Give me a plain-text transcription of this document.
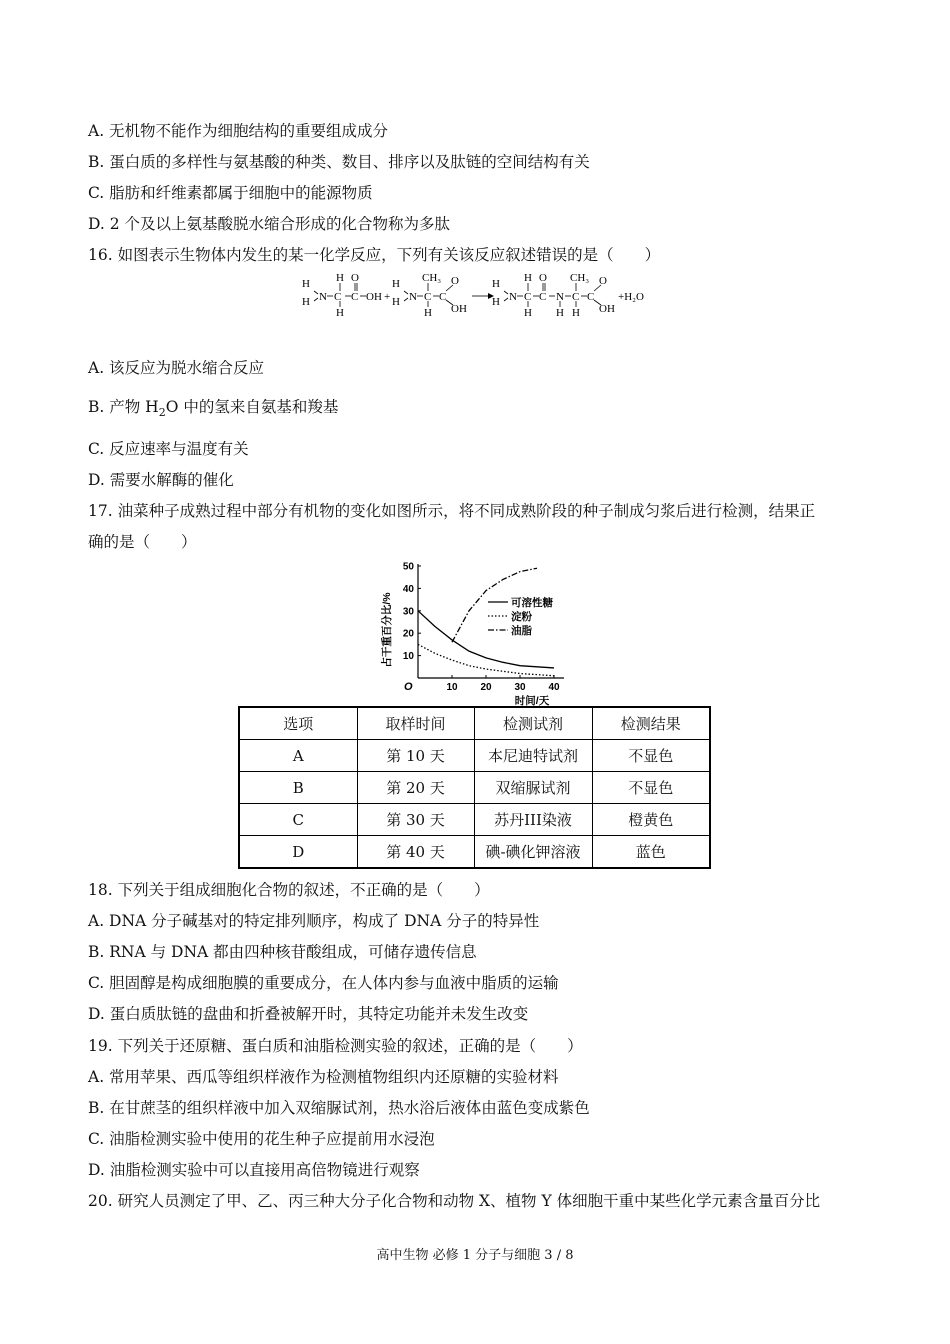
A. 无机物不能作为细胞结构的重要组成成分
B. 蛋白质的多样性与氨基酸的种类、数目、排序以及肽链的空间结构有关
C. 脂肪和纤维素都属于细胞中的能源物质
D. 2 个及以上氨基酸脱水缩合形成的化合物称为多肽
16. 如图表示生物体内发生的某一化学反应，下列有关该反应叙述错误的是（　　）
H
H N
H
C
H
O
C OH +
H
H N
CH₃
C
H
C
O
OH
H
H N
H
C
H
O
C N
H
CH₃
C
H
C
O
OH
+H₂O
A. 该反应为脱水缩合反应
B. 产物 $H_2O$ 中的氢来自氨基和羧基
C. 反应速率与温度有关
D. 需要水解酶的催化
17. 油菜种子成熟过程中部分有机物的变化如图所示，将不同成熟阶段的种子制成匀浆后进行检测，结果正
确的是（　　）
10 20 30 40
10
20
30
40
50
可溶性糖
淀粉
油脂
O
时间/天
占干重百分比/%
选项	取样时间	检测试剂	检测结果
A	第 10 天	本尼迪特试剂	不显色
B	第 20 天	双缩脲试剂	不显色
C	第 30 天	苏丹III染液	橙黄色
D	第 40 天	碘-碘化钾溶液	蓝色
18. 下列关于组成细胞化合物的叙述，不正确的是（　　）
A. DNA 分子碱基对的特定排列顺序，构成了 DNA 分子的特异性
B. RNA 与 DNA 都由四种核苷酸组成，可储存遗传信息
C. 胆固醇是构成细胞膜的重要成分，在人体内参与血液中脂质的运输
D. 蛋白质肽链的盘曲和折叠被解开时，其特定功能并未发生改变
19. 下列关于还原糖、蛋白质和油脂检测实验的叙述，正确的是（　　）
A. 常用苹果、西瓜等组织样液作为检测植物组织内还原糖的实验材料
B. 在甘蔗茎的组织样液中加入双缩脲试剂，热水浴后液体由蓝色变成紫色
C. 油脂检测实验中使用的花生种子应提前用水浸泡
D. 油脂检测实验中可以直接用高倍物镜进行观察
20. 研究人员测定了甲、乙、丙三种大分子化合物和动物 X、植物 Y 体细胞干重中某些化学元素含量百分比
高中生物 必修 1 分子与细胞 3 / 8
